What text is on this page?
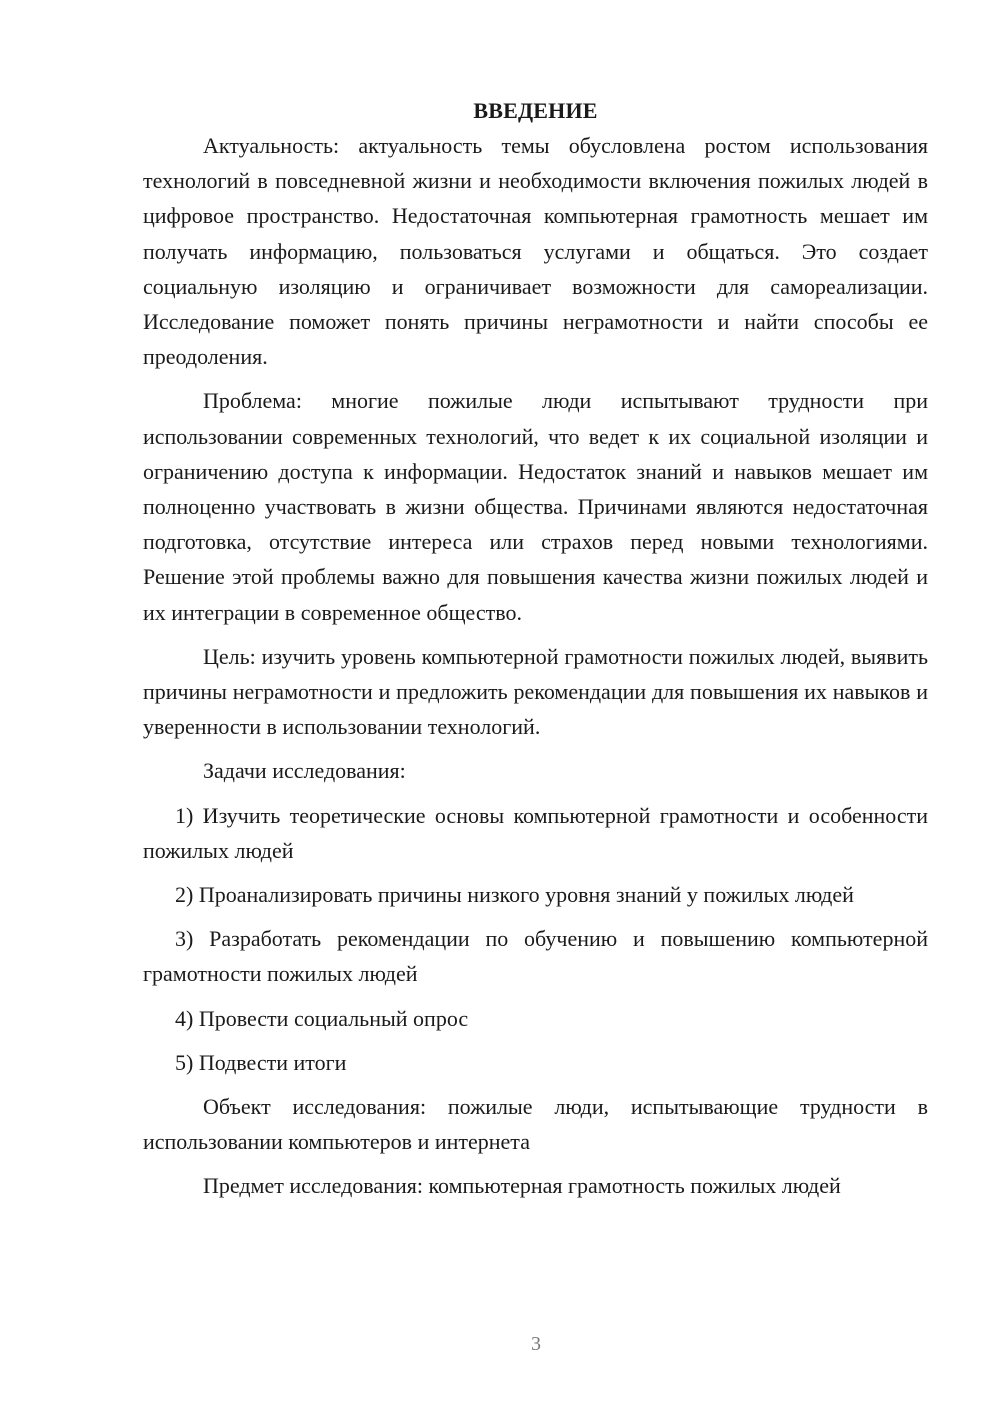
ВВЕДЕНИЕ

Актуальность: актуальность темы обусловлена ростом использования технологий в повседневной жизни и необходимости включения пожилых людей в цифровое пространство. Недостаточная компьютерная грамотность мешает им получать информацию, пользоваться услугами и общаться. Это создает социальную изоляцию и ограничивает возможности для самореализации. Исследование поможет понять причины неграмотности и найти способы ее преодоления.

Проблема: многие пожилые люди испытывают трудности при использовании современных технологий, что ведет к их социальной изоляции и ограничению доступа к информации. Недостаток знаний и навыков мешает им полноценно участвовать в жизни общества. Причинами являются недостаточная подготовка, отсутствие интереса или страхов перед новыми технологиями. Решение этой проблемы важно для повышения качества жизни пожилых людей и их интеграции в современное общество.

Цель: изучить уровень компьютерной грамотности пожилых людей, выявить причины неграмотности и предложить рекомендации для повышения их навыков и уверенности в использовании технологий.

Задачи исследования:

1) Изучить теоретические основы компьютерной грамотности и особенности пожилых людей

2) Проанализировать причины низкого уровня знаний у пожилых людей

3) Разработать рекомендации по обучению и повышению компьютерной грамотности пожилых людей

4) Провести социальный опрос

5) Подвести итоги

Объект исследования: пожилые люди, испытывающие трудности в использовании компьютеров и интернета

Предмет исследования: компьютерная грамотность пожилых людей

3
